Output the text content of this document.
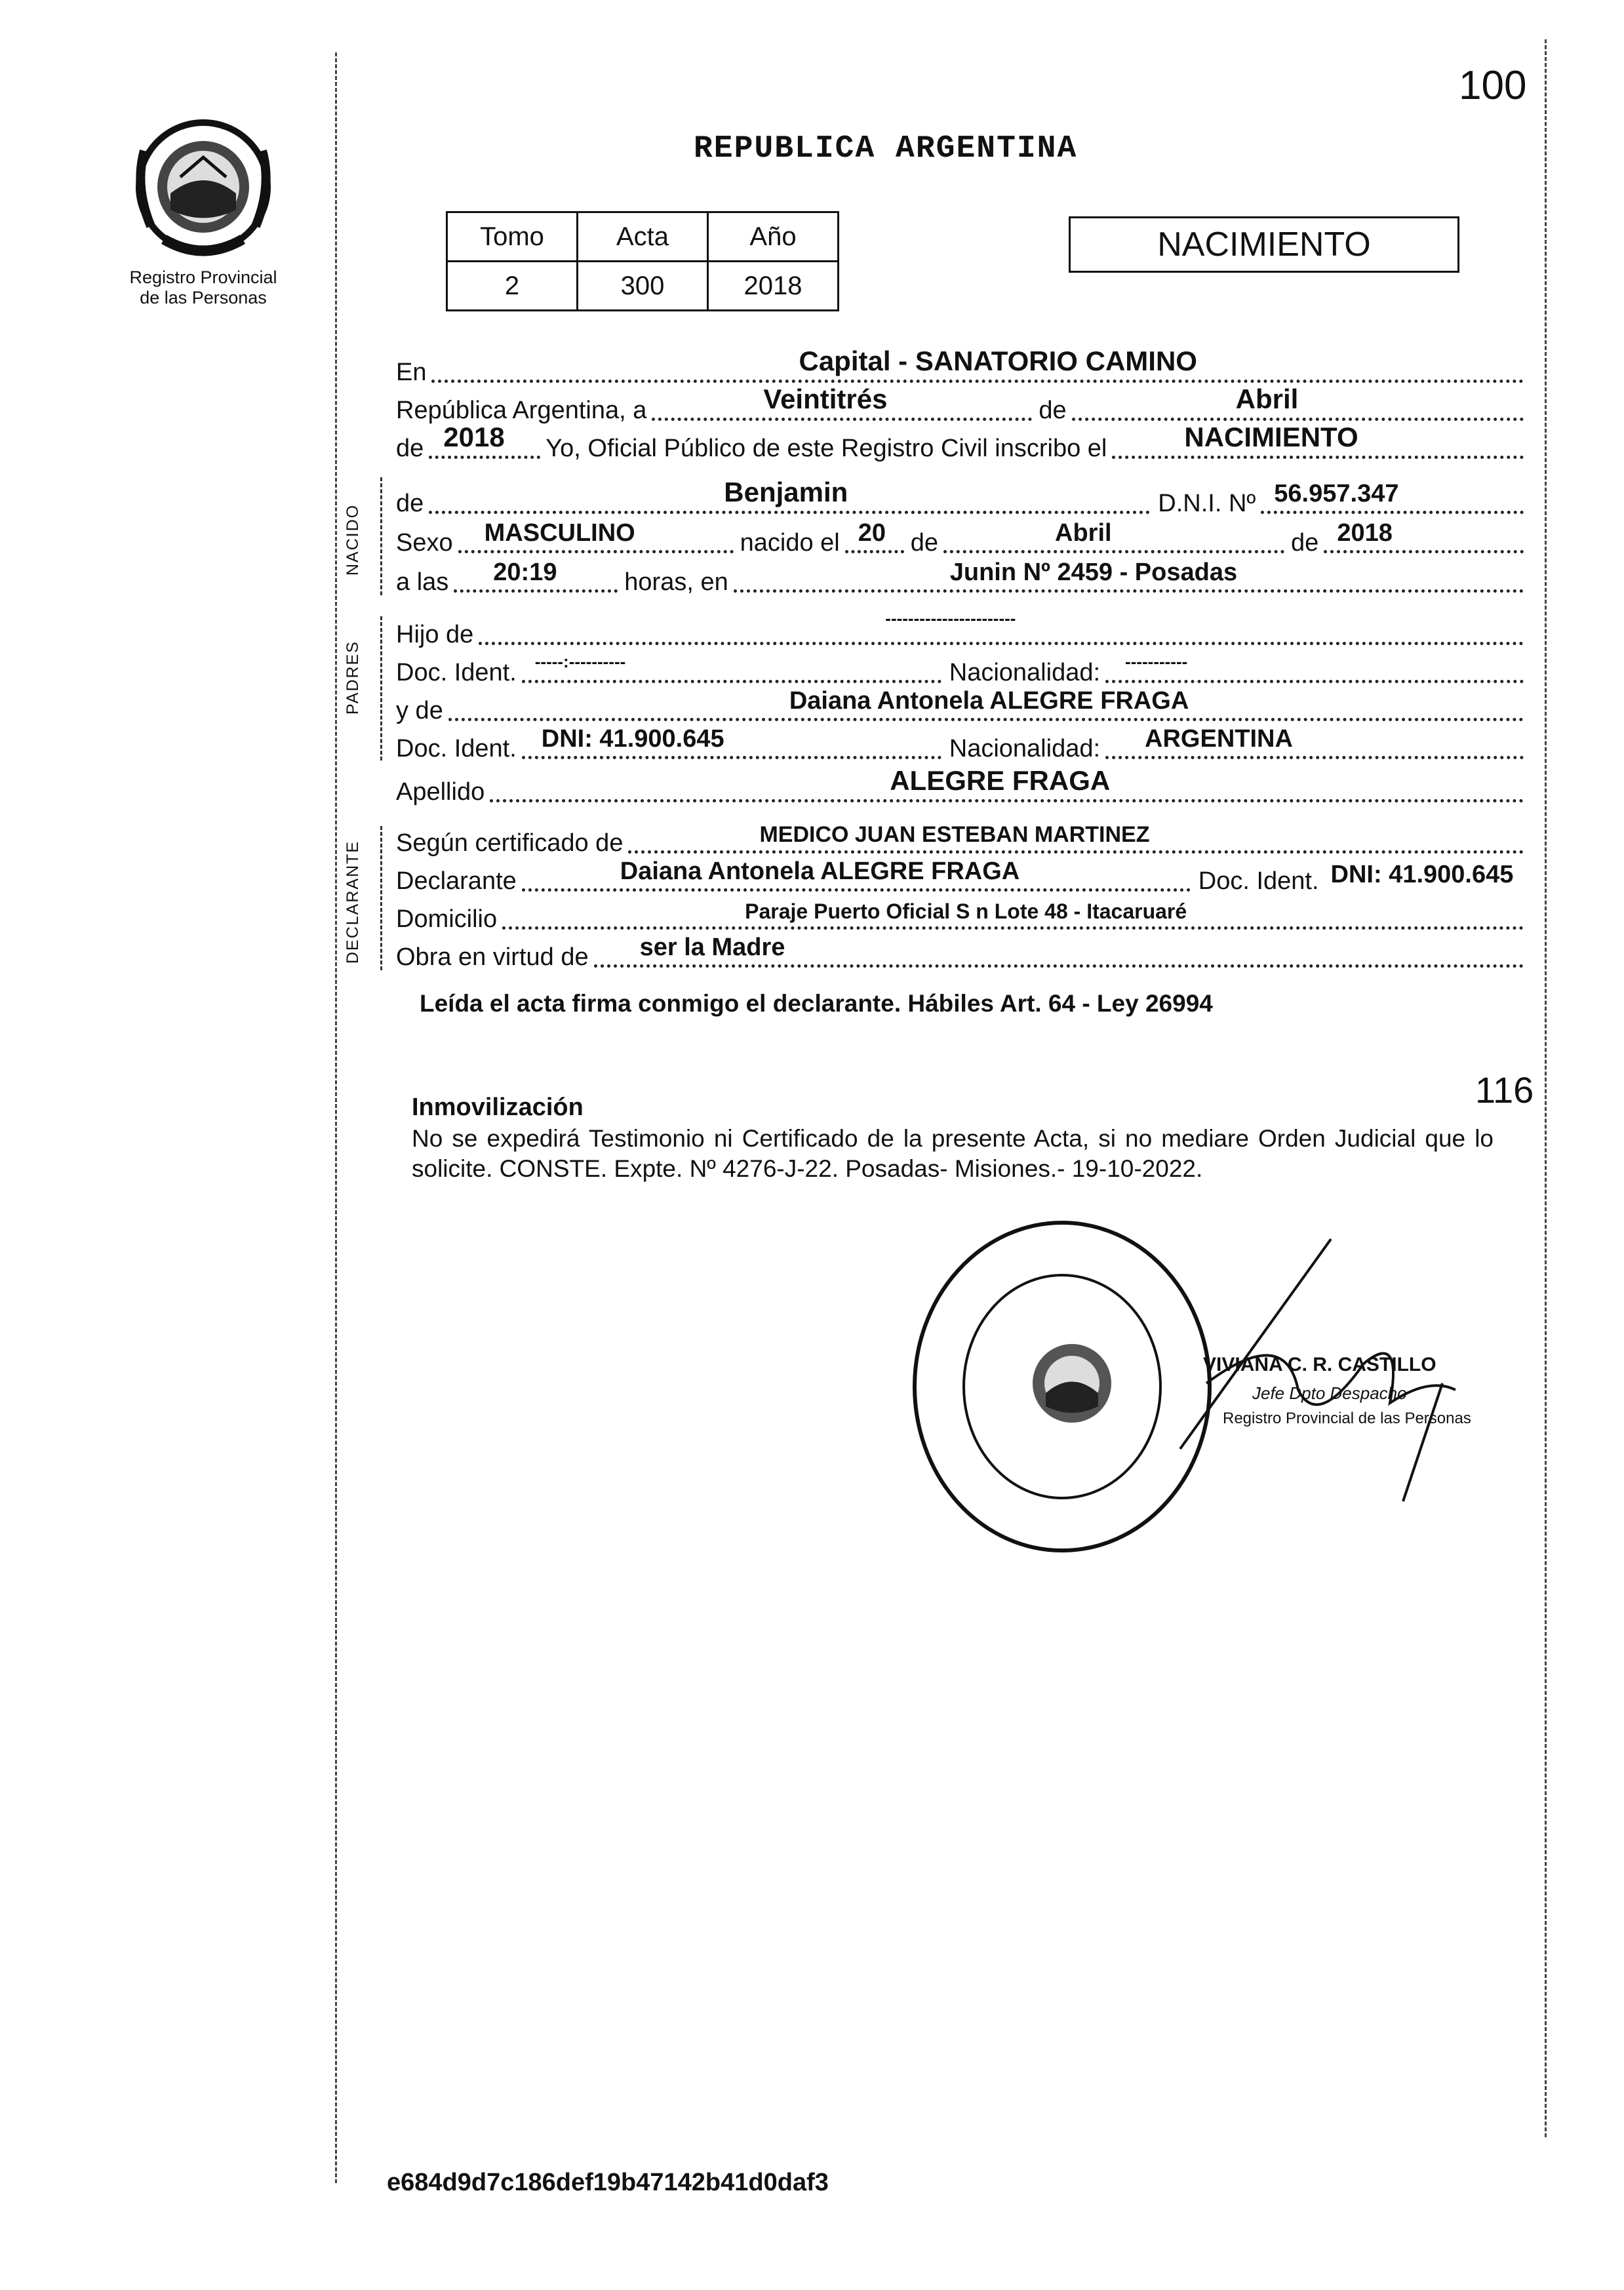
100
Registro Provincial
de las Personas
REPUBLICA ARGENTINA
Tomo	Acta	Año
2	300	2018
NACIMIENTO
En	Capital - SANATORIO CAMINO
República Argentina, a	Veintitrés	de	Abril
de 2018 Yo, Oficial Público de este Registro Civil inscribo el	NACIMIENTO
NACIDO
de	Benjamin	D.N.I. Nº 56.957.347
Sexo MASCULINO	nacido el 20 de	Abril	de 2018
a las 20:19	horas, en	Junin Nº 2459 - Posadas
PADRES
Hijo de
-----------------------
Doc. Ident.	-----:----------	Nacionalidad:	-----------
y de	Daiana Antonela ALEGRE FRAGA
Doc. Ident. DNI: 41.900.645	Nacionalidad: ARGENTINA
Apellido	ALEGRE FRAGA
DECLARANTE Según certificado de	MEDICO JUAN ESTEBAN MARTINEZ
Declarante	Daiana Antonela ALEGRE FRAGA	Doc. Ident. DNI: 41.900.645
Domicilio	Paraje Puerto Oficial S n Lote 48 - Itacaruaré
Obra en virtud de ser la Madre
Leída el acta firma conmigo el declarante. Hábiles Art. 64 - Ley 26994
116
Inmovilización
No se expedirá Testimonio ni Certificado de la presente Acta, si no mediare Orden Judicial que lo solicite. CONSTE. Expte. Nº 4276-J-22. Posadas- Misiones.- 19-10-2022.
VIVIANA C. R. CASTILLO
Jefe Dpto Despacho
Registro Provincial de las Personas
e684d9d7c186def19b47142b41d0daf3
